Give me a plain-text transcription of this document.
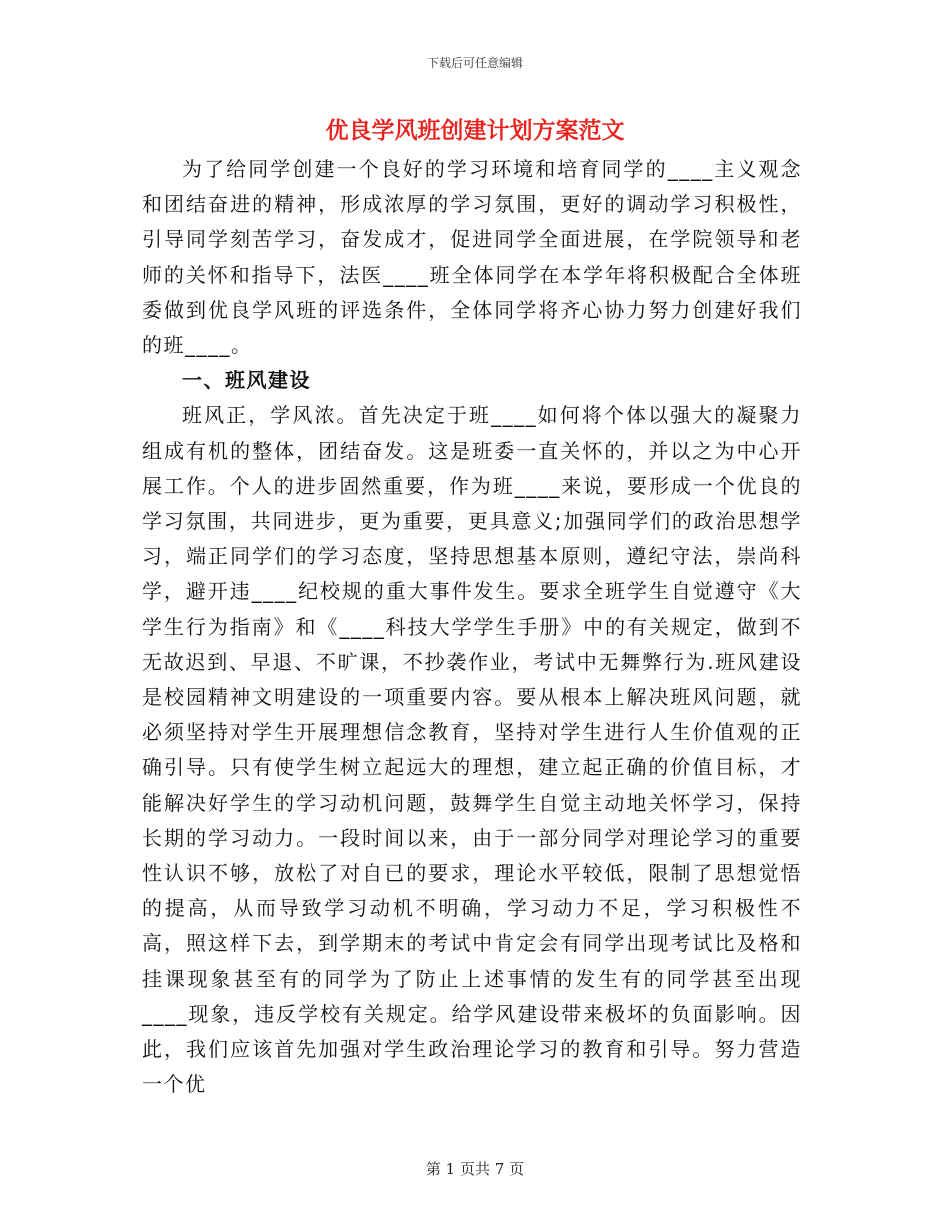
下载后可任意编辑
优良学风班创建计划方案范文

为了给同学创建一个良好的学习环境和培育同学的____主义观念和团结奋进的精神，形成浓厚的学习氛围，更好的调动学习积极性，引导同学刻苦学习，奋发成才，促进同学全面进展，在学院领导和老师的关怀和指导下，法医____班全体同学在本学年将积极配合全体班委做到优良学风班的评选条件，全体同学将齐心协力努力创建好我们的班____。

一、班风建设

班风正，学风浓。首先决定于班____如何将个体以强大的凝聚力组成有机的整体，团结奋发。这是班委一直关怀的，并以之为中心开展工作。个人的进步固然重要，作为班____来说，要形成一个优良的学习氛围，共同进步，更为重要，更具意义;加强同学们的政治思想学习，端正同学们的学习态度，坚持思想基本原则，遵纪守法，崇尚科学，避开违____纪校规的重大事件发生。要求全班学生自觉遵守《大学生行为指南》和《____科技大学学生手册》中的有关规定，做到不无故迟到、早退、不旷课，不抄袭作业，考试中无舞弊行为.班风建设是校园精神文明建设的一项重要内容。要从根本上解决班风问题，就必须坚持对学生开展理想信念教育，坚持对学生进行人生价值观的正确引导。只有使学生树立起远大的理想，建立起正确的价值目标，才能解决好学生的学习动机问题，鼓舞学生自觉主动地关怀学习，保持长期的学习动力。一段时间以来，由于一部分同学对理论学习的重要性认识不够，放松了对自已的要求，理论水平较低，限制了思想觉悟的提高，从而导致学习动机不明确，学习动力不足，学习积极性不高，照这样下去，到学期末的考试中肯定会有同学出现考试比及格和挂课现象甚至有的同学为了防止上述事情的发生有的同学甚至出现____现象，违反学校有关规定。给学风建设带来极坏的负面影响。因此，我们应该首先加强对学生政治理论学习的教育和引导。努力营造一个优

第 1 页共 7 页
